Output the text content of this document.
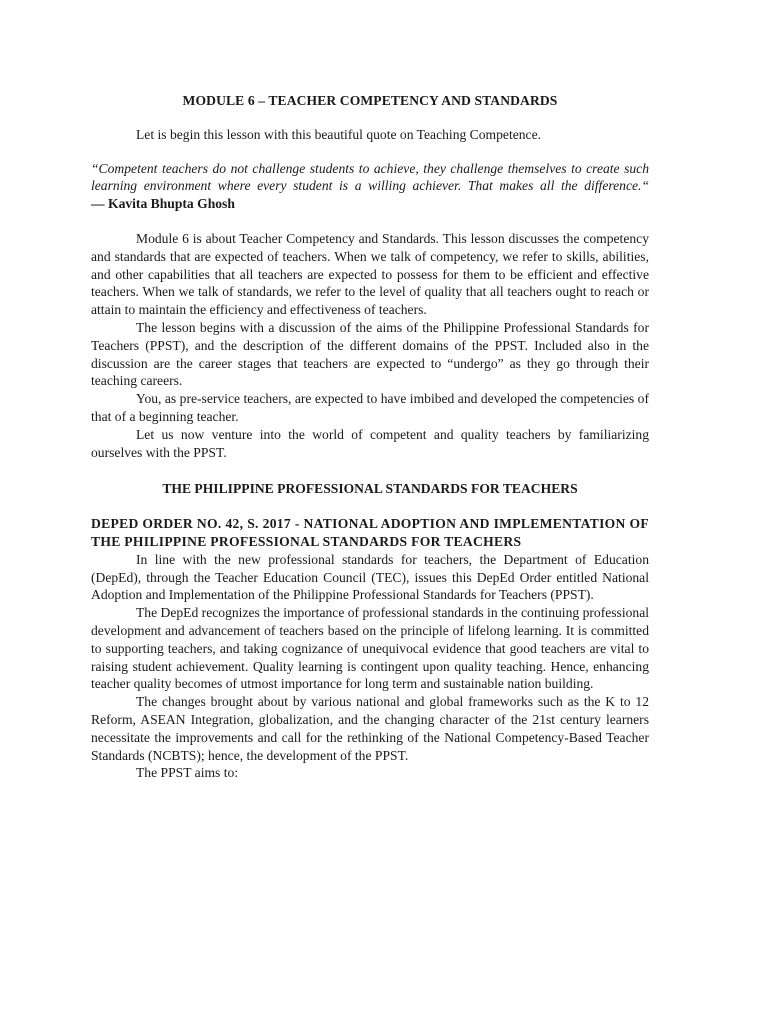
MODULE 6 – TEACHER COMPETENCY AND STANDARDS
Let is begin this lesson with this beautiful quote on Teaching Competence.
“Competent teachers do not challenge students to achieve, they challenge themselves to create such learning environment where every student is a willing achiever. That makes all the difference.“
— Kavita Bhupta Ghosh
Module 6 is about Teacher Competency and Standards. This lesson discusses the competency and standards that are expected of teachers. When we talk of competency, we refer to skills, abilities, and other capabilities that all teachers are expected to possess for them to be efficient and effective teachers. When we talk of standards, we refer to the level of quality that all teachers ought to reach or attain to maintain the efficiency and effectiveness of teachers.
The lesson begins with a discussion of the aims of the Philippine Professional Standards for Teachers (PPST), and the description of the different domains of the PPST. Included also in the discussion are the career stages that teachers are expected to “undergo” as they go through their teaching careers.
You, as pre-service teachers, are expected to have imbibed and developed the competencies of that of a beginning teacher.
Let us now venture into the world of competent and quality teachers by familiarizing ourselves with the PPST.
THE PHILIPPINE PROFESSIONAL STANDARDS FOR TEACHERS
DEPED ORDER NO. 42, S. 2017 - NATIONAL ADOPTION AND IMPLEMENTATION OF THE PHILIPPINE PROFESSIONAL STANDARDS FOR TEACHERS
In line with the new professional standards for teachers, the Department of Education (DepEd), through the Teacher Education Council (TEC), issues this DepEd Order entitled National Adoption and Implementation of the Philippine Professional Standards for Teachers (PPST).
The DepEd recognizes the importance of professional standards in the continuing professional development and advancement of teachers based on the principle of lifelong learning. It is committed to supporting teachers, and taking cognizance of unequivocal evidence that good teachers are vital to raising student achievement. Quality learning is contingent upon quality teaching. Hence, enhancing teacher quality becomes of utmost importance for long term and sustainable nation building.
The changes brought about by various national and global frameworks such as the K to 12 Reform, ASEAN Integration, globalization, and the changing character of the 21st century learners necessitate the improvements and call for the rethinking of the National Competency-Based Teacher Standards (NCBTS); hence, the development of the PPST.
The PPST aims to:
